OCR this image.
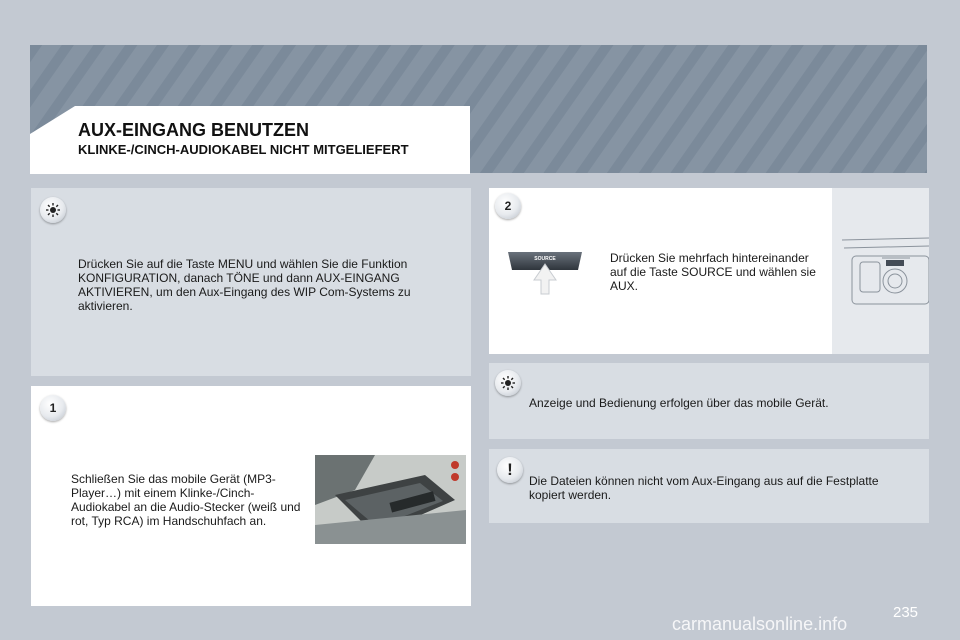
AUX-EINGANG BENUTZEN
KLINKE-/CINCH-AUDIOKABEL NICHT MITGELIEFERT
Drücken Sie auf die Taste MENU und wählen Sie die Funktion KONFIGURATION, danach TÖNE und dann AUX-EINGANG AKTIVIEREN, um den Aux-Eingang des WIP Com-Systems zu aktivieren.
1
Schließen Sie das mobile Gerät (MP3-Player…) mit einem Klinke-/Cinch-Audiokabel an die Audio-Stecker (weiß und rot, Typ RCA) im Handschuhfach an.
2
SOURCE	Drücken Sie mehrfach hintereinander auf die Taste SOURCE und wählen sie AUX.
Anzeige und Bedienung erfolgen über das mobile Gerät.
!
Die Dateien können nicht vom Aux-Eingang aus auf die Festplatte kopiert werden.
235
carmanualsonline.info
